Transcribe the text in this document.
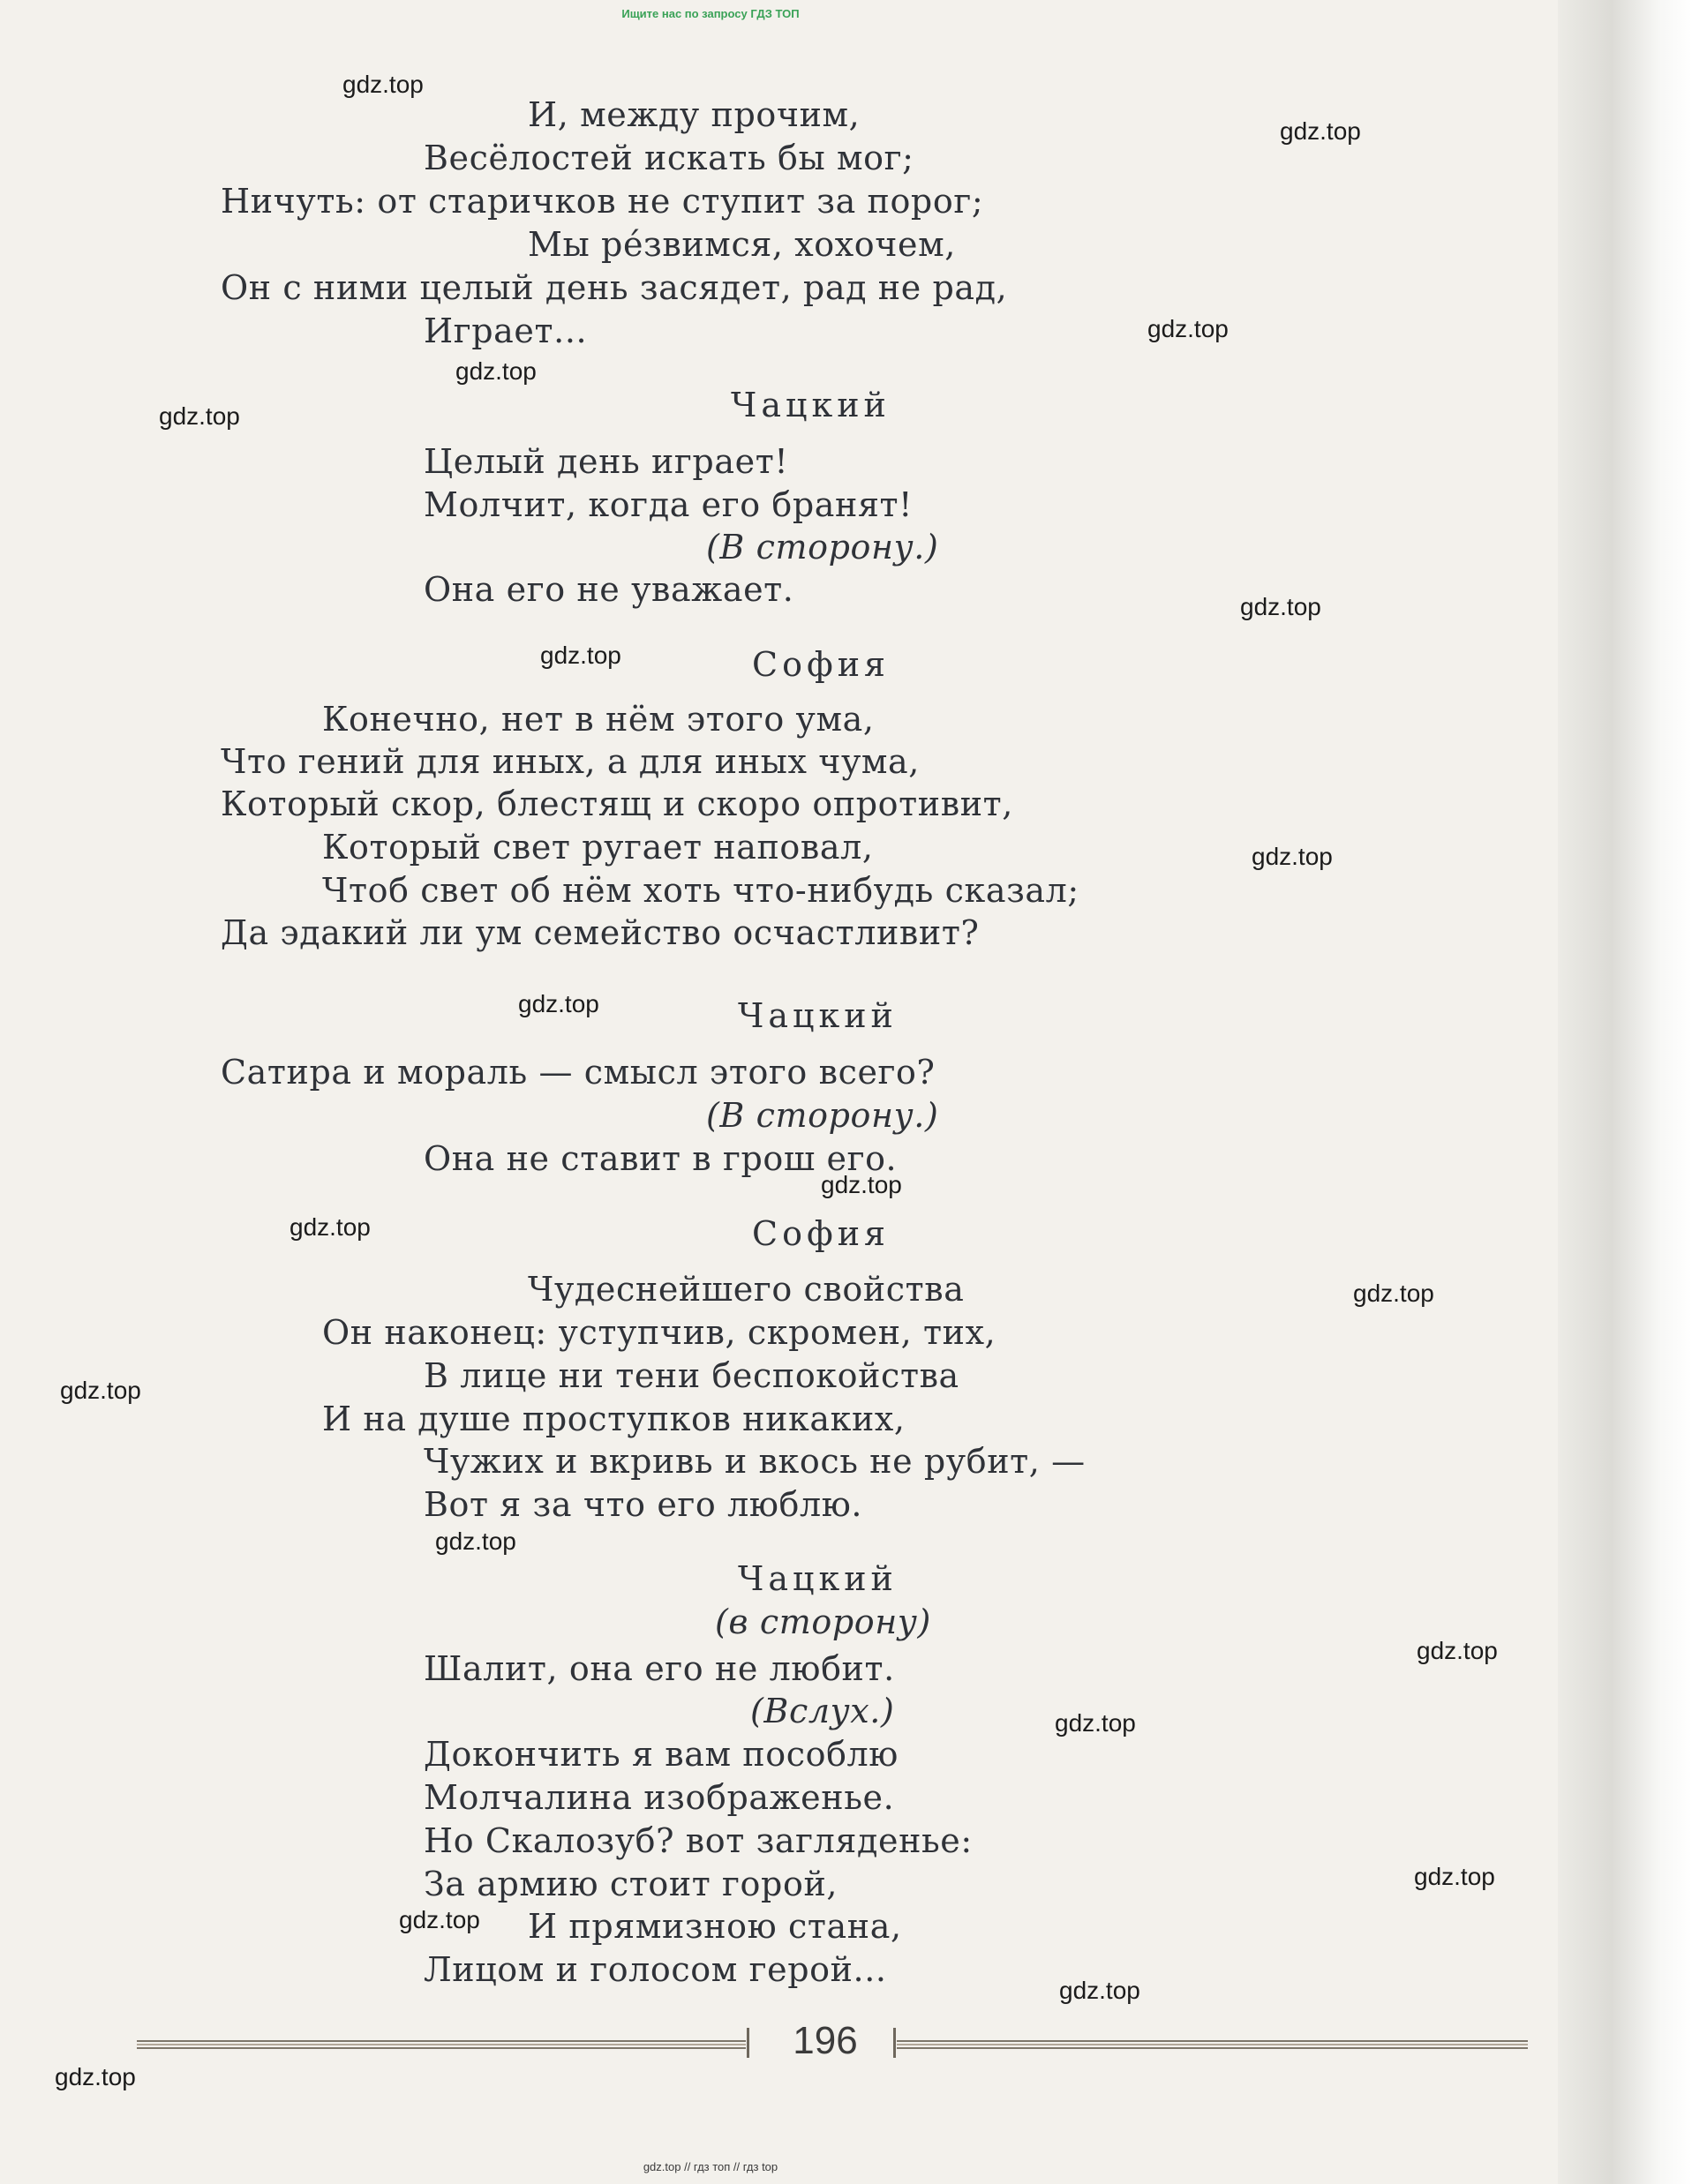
Ищите нас по запросу ГДЗ ТОП
И, между прочим,
Весёлостей искать бы мог;
Ничуть: от старичков не ступит за порог;
Мы ре́звимся, хохочем,
Он с ними целый день засядет, рад не рад,
Играет...
Чацкий
Целый день играет!
Молчит, когда его бранят!
(В сторону.)
Она его не уважает.
София
Конечно, нет в нём этого ума,
Что гений для иных, а для иных чума,
Который скор, блестящ и скоро опротивит,
Который свет ругает наповал,
Чтоб свет об нём хоть что-нибудь сказал;
Да эдакий ли ум семейство осчастливит?
Чацкий
Сатира и мораль — смысл этого всего?
(В сторону.)
Она не ставит в грош его.
София
Чудеснейшего свойства
Он наконец: уступчив, скромен, тих,
В лице ни тени беспокойства
И на душе проступков никаких,
Чужих и вкривь и вкось не рубит, —
Вот я за что его люблю.
Чацкий
(в сторону)
Шалит, она его не любит.
(Вслух.)
Докончить я вам пособлю
Молчалина изображенье.
Но Скалозуб? вот загляденье:
За армию стоит горой,
И прямизною стана,
Лицом и голосом герой...
gdz.top
gdz.top
gdz.top
gdz.top
gdz.top
gdz.top
gdz.top
gdz.top
gdz.top
gdz.top
gdz.top
gdz.top
gdz.top
gdz.top
gdz.top
gdz.top
gdz.top
gdz.top
gdz.top
gdz.top
196
gdz.top // гдз топ // гдз top
